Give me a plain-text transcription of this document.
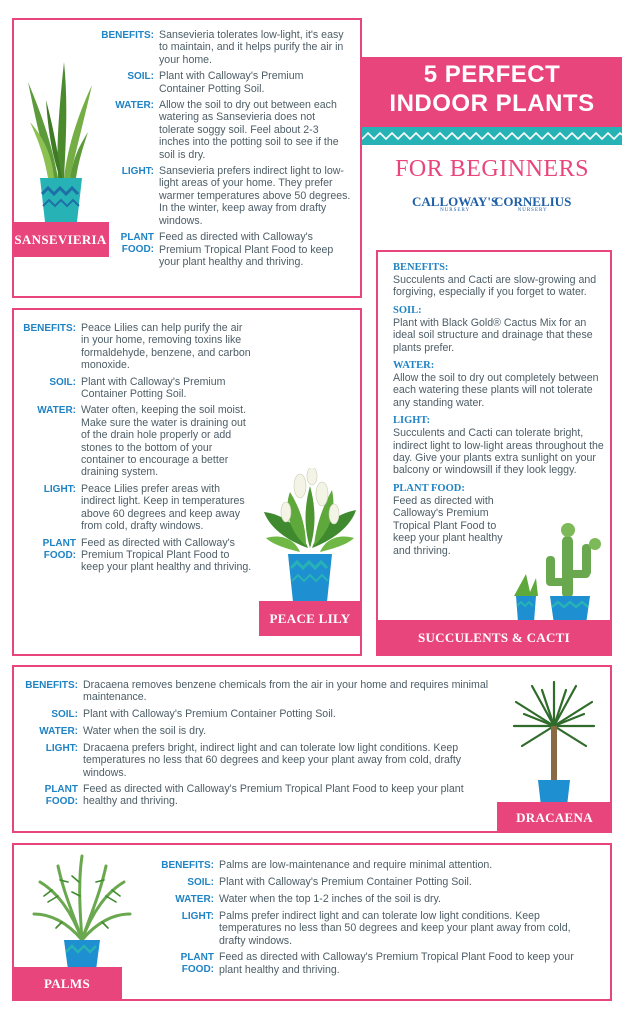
5 PERFECT
INDOOR PLANTS
FOR BEGINNERS
CALLOWAY'S
NURSERY
CORNELIUS
NURSERY
SANSEVIERIA
BENEFITS: Sansevieria tolerates low-light, it's easy to maintain, and it helps purify the air in your home.
SOIL: Plant with Calloway's Premium Container Potting Soil.
WATER: Allow the soil to dry out between each watering as Sansevieria does not tolerate soggy soil. Feel about 2-3 inches into the potting soil to see if the soil is dry.
LIGHT: Sansevieria prefers indirect light to low-light areas of your home. They prefer warmer temperatures above 50 degrees. In the winter, keep away from drafty windows.
PLANT FOOD:
Feed as directed with Calloway's Premium Tropical Plant Food to keep your plant healthy and thriving.
BENEFITS: Peace Lilies can help purify the air in your home, removing toxins like formaldehyde, benzene, and carbon monoxide.
SOIL: Plant with Calloway's Premium Container Potting Soil.
WATER: Water often, keeping the soil moist. Make sure the water is draining out of the drain hole properly or add stones to the bottom of your container to encourage a better draining system.
LIGHT: Peace Lilies prefer areas with indirect light. Keep in temperatures above 60 degrees and keep away from cold, drafty windows.
PLANT FOOD:
Feed as directed with Calloway's Premium Tropical Plant Food to keep your plant healthy and thriving.
PEACE LILY
BENEFITS:
Succulents and Cacti are slow-growing and forgiving, especially if you forget to water.
SOIL:
Plant with Black Gold® Cactus Mix for an ideal soil structure and drainage that these plants prefer.
WATER:
Allow the soil to dry out completely between each watering these plants will not tolerate any standing water.
LIGHT:
Succulents and Cacti can tolerate bright, indirect light to low-light areas throughout the day. Give your plants extra sunlight on your balcony or windowsill if they look leggy.
PLANT FOOD:
Feed as directed with Calloway's Premium Tropical Plant Food to keep your plant healthy and thriving.
SUCCULENTS & CACTI
BENEFITS: Dracaena removes benzene chemicals from the air in your home and requires minimal maintenance.
SOIL: Plant with Calloway's Premium Container Potting Soil.
WATER: Water when the soil is dry.
LIGHT: Dracaena prefers bright, indirect light and can tolerate low light conditions. Keep temperatures no less that 60 degrees and keep your plant away from cold, drafty windows.
PLANT FOOD:
Feed as directed with Calloway's Premium Tropical Plant Food to keep your plant healthy and thriving.
DRACAENA
PALMS
BENEFITS: Palms are low-maintenance and require minimal attention.
SOIL: Plant with Calloway's Premium Container Potting Soil.
WATER: Water when the top 1-2 inches of the soil is dry.
LIGHT: Palms prefer indirect light and can tolerate low light conditions. Keep temperatures no less than 50 degrees and keep your plant away from cold, drafty windows.
PLANT FOOD:
Feed as directed with Calloway's Premium Tropical Plant Food to keep your plant healthy and thriving.
